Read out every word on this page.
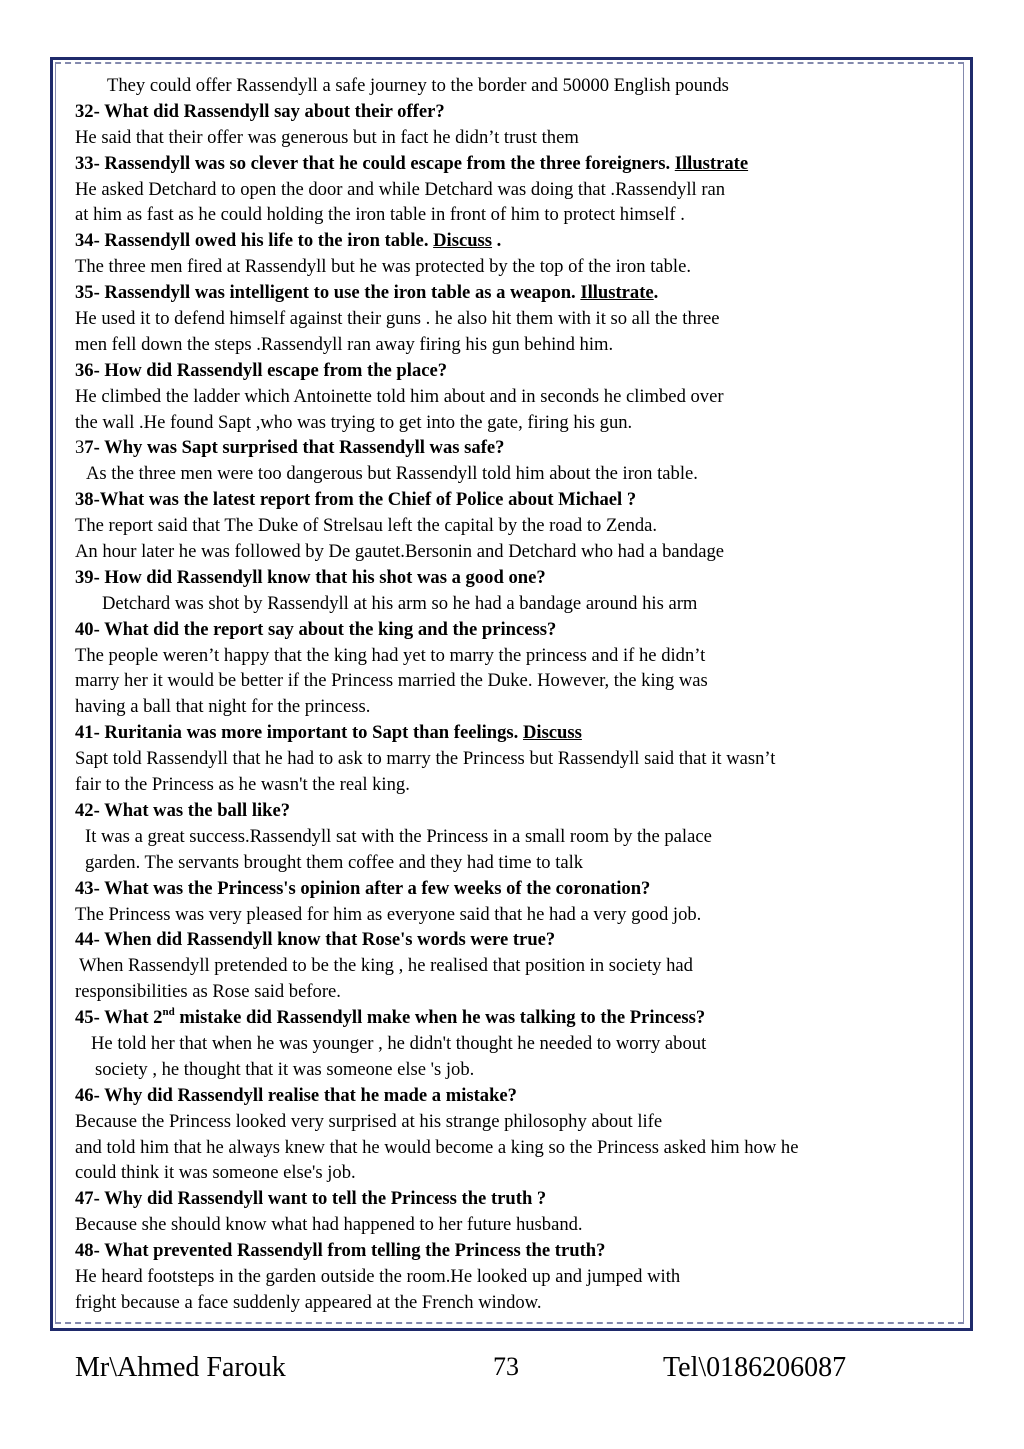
They could offer Rassendyll a safe journey to the border and 50000 English pounds
32- What did Rassendyll say about their offer?
He said that their offer was generous but in fact he didn’t trust them
33- Rassendyll was so clever that he could escape from the three foreigners. Illustrate
He asked Detchard to open the door and while Detchard was doing that .Rassendyll ran
at him as fast as he could holding the iron table in front of him to protect himself .
34- Rassendyll owed his life to the iron table. Discuss .
The three men fired at Rassendyll but he was protected by the top of the iron table.
35- Rassendyll was intelligent to use the iron table as a weapon. Illustrate.
He used it to defend himself against their guns . he also hit them with it so all the three
men fell down the steps .Rassendyll ran away firing his gun behind him.
36- How did Rassendyll escape from the place?
He climbed the ladder which Antoinette told him about and in seconds he climbed over
the wall .He found Sapt ,who was trying to get into the gate, firing his gun.
37- Why was Sapt surprised that Rassendyll was safe?
As the three men were too dangerous but Rassendyll told him about the iron table.
38-What was the latest report from the Chief of Police about Michael ?
The report said that The Duke of Strelsau left the capital by the road to Zenda.
An hour later he was followed by De gautet.Bersonin and Detchard who had a bandage
39- How did Rassendyll know that his shot was a good one?
Detchard was shot by Rassendyll at his arm so he had a bandage around his arm
40- What did the report say about the king and the princess?
The people weren’t happy that the king had yet to marry the princess and if he didn’t
marry her it would be better if the Princess married the Duke. However, the king was
having a ball that night for the princess.
41- Ruritania was more important to Sapt than feelings. Discuss
Sapt told Rassendyll that he had to ask to marry the Princess but Rassendyll said that it wasn’t
fair to the Princess as he wasn't the real king.
42- What was the ball like?
It was a great success.Rassendyll sat with the Princess in a small room by the palace
garden. The servants brought them coffee and they had time to talk
43- What was the Princess's opinion after a few weeks of the coronation?
The Princess was very pleased for him as everyone said that he had a very good job.
44- When did Rassendyll know that Rose's words were true?
When Rassendyll pretended to be the king , he realised that position in society had
responsibilities as Rose said before.
45- What 2nd mistake did Rassendyll make when he was talking to the Princess?
He told her that when he was younger , he didn't thought he needed to worry about
society , he thought that it was someone else 's job.
46- Why did Rassendyll realise that he made a mistake?
Because the Princess looked very surprised at his strange philosophy about life
and told him that he always knew that he would become a king so the Princess asked him how he
could think it was someone else's job.
47- Why did Rassendyll want to tell the Princess the truth ?
Because she should know what had happened to her future husband.
48- What prevented Rassendyll from telling the Princess the truth?
He heard footsteps in the garden outside the room.He looked up and jumped with
fright because a face suddenly appeared at the French window.
Mr\Ahmed Farouk	73	Tel\0186206087
